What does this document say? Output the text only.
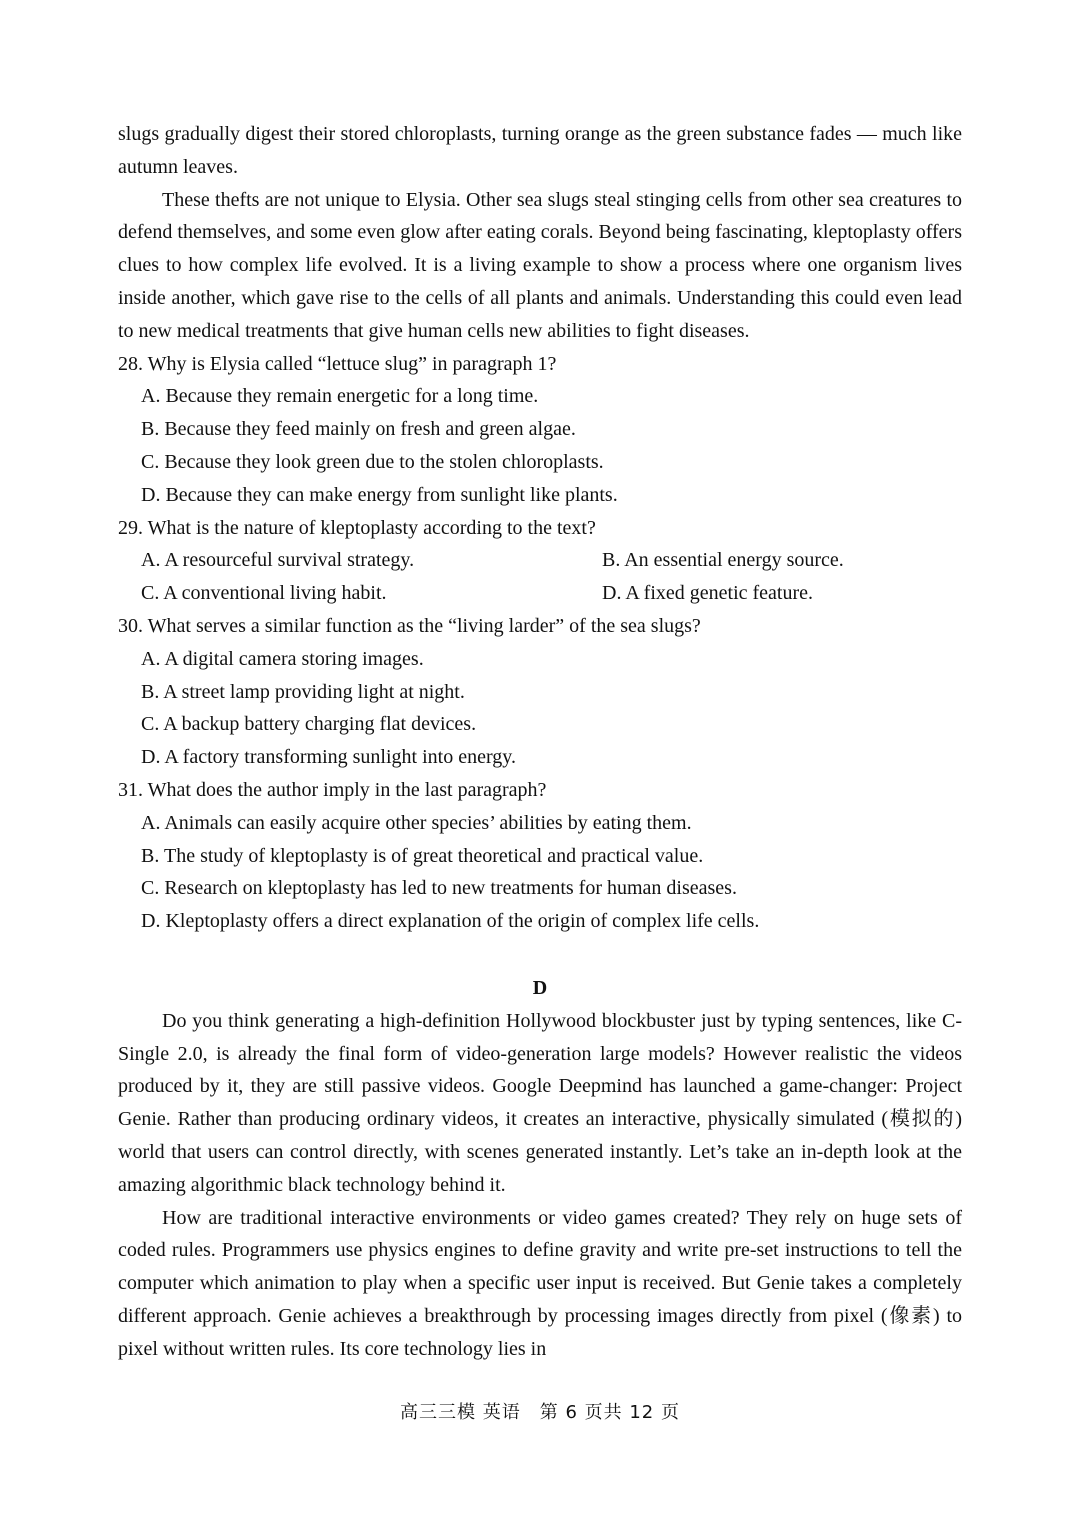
slugs gradually digest their stored chloroplasts, turning orange as the green substance fades — much like autumn leaves.

These thefts are not unique to Elysia. Other sea slugs steal stinging cells from other sea creatures to defend themselves, and some even glow after eating corals. Beyond being fascinating, kleptoplasty offers clues to how complex life evolved. It is a living example to show a process where one organism lives inside another, which gave rise to the cells of all plants and animals. Understanding this could even lead to new medical treatments that give human cells new abilities to fight diseases.

28. Why is Elysia called “lettuce slug” in paragraph 1?

A. Because they remain energetic for a long time.

B. Because they feed mainly on fresh and green algae.

C. Because they look green due to the stolen chloroplasts.

D. Because they can make energy from sunlight like plants.

29. What is the nature of kleptoplasty according to the text?

A. A resourceful survival strategy.	B. An essential energy source.
C. A conventional living habit.	D. A fixed genetic feature.

30. What serves a similar function as the “living larder” of the sea slugs?

A. A digital camera storing images.

B. A street lamp providing light at night.

C. A backup battery charging flat devices.

D. A factory transforming sunlight into energy.

31. What does the author imply in the last paragraph?

A. Animals can easily acquire other species’ abilities by eating them.

B. The study of kleptoplasty is of great theoretical and practical value.

C. Research on kleptoplasty has led to new treatments for human diseases.

D. Kleptoplasty offers a direct explanation of the origin of complex life cells.

D

Do you think generating a high-definition Hollywood blockbuster just by typing sentences, like C-Single 2.0, is already the final form of video-generation large models? However realistic the videos produced by it, they are still passive videos. Google Deepmind has launched a game-changer: Project Genie. Rather than producing ordinary videos, it creates an interactive, physically simulated (模拟的) world that users can control directly, with scenes generated instantly. Let’s take an in-depth look at the amazing algorithmic black technology behind it.

How are traditional interactive environments or video games created? They rely on huge sets of coded rules. Programmers use physics engines to define gravity and write pre-set instructions to tell the computer which animation to play when a specific user input is received. But Genie takes a completely different approach. Genie achieves a breakthrough by processing images directly from pixel (像素) to pixel without written rules. Its core technology lies in

高三三模 英语　第 6 页共 12 页
